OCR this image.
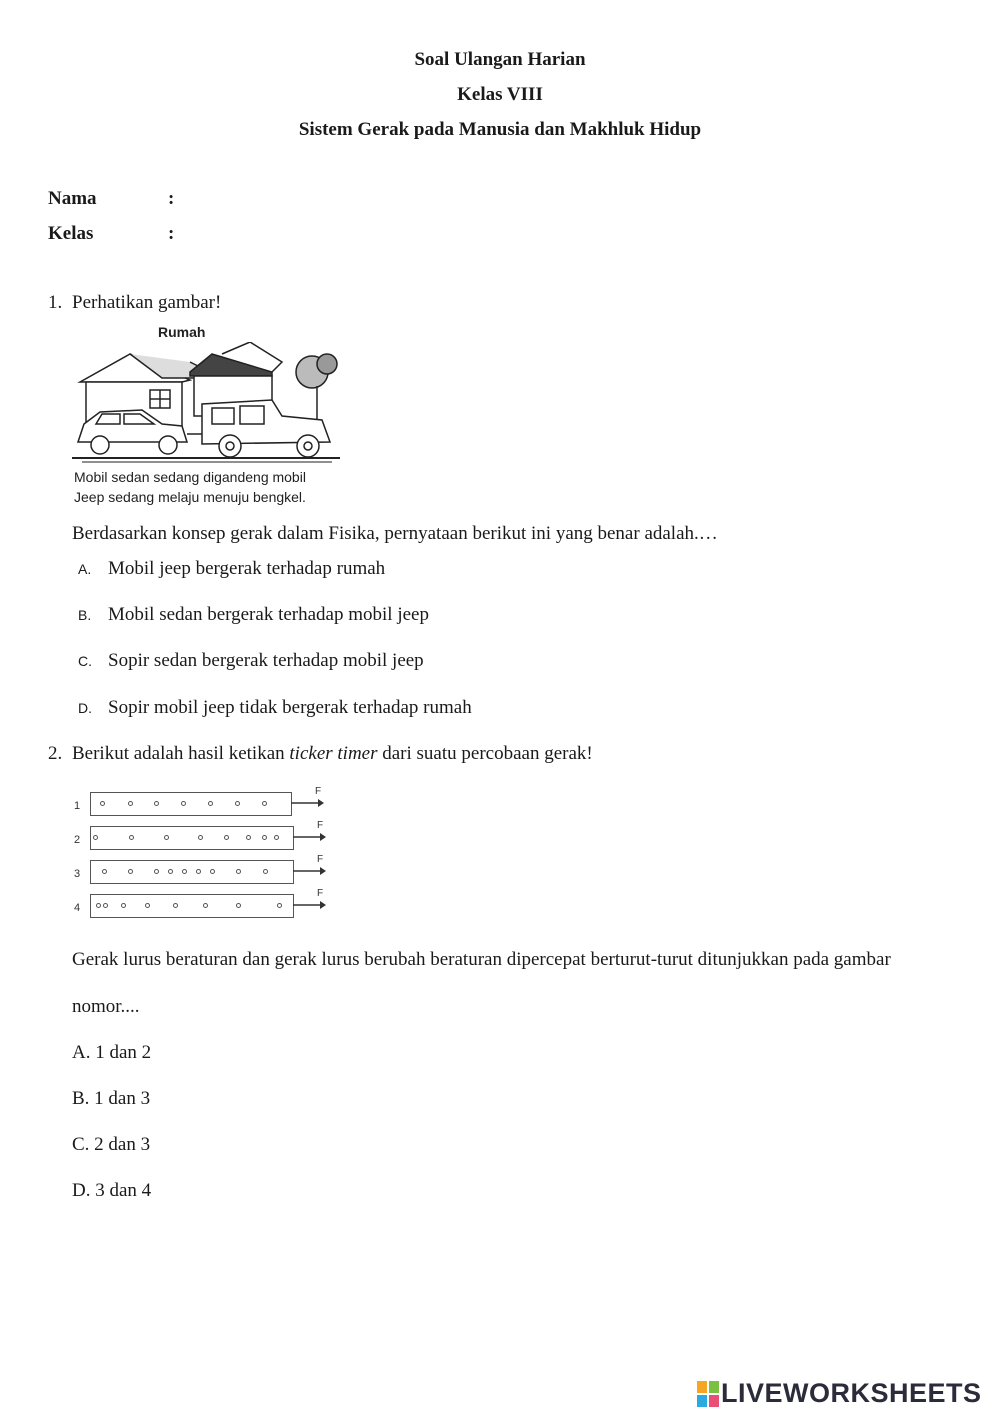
Soal Ulangan Harian
Kelas VIII
Sistem Gerak pada Manusia dan Makhluk Hidup
Nama	:
Kelas	:
1. Perhatikan gambar!
Rumah
Mobil sedan sedang digandeng mobil
Jeep sedang melaju menuju bengkel.
Berdasarkan konsep gerak dalam Fisika, pernyataan berikut ini yang benar adalah.…
A. Mobil jeep bergerak terhadap rumah
B. Mobil sedan bergerak terhadap mobil jeep
C. Sopir sedan bergerak terhadap mobil jeep
D. Sopir mobil jeep tidak bergerak terhadap rumah
2. Berikut adalah hasil ketikan ticker timer dari suatu percobaan gerak!
1
F
2
F
3
F
4
F
Gerak lurus beraturan dan gerak lurus berubah beraturan dipercepat berturut-turut ditunjukkan pada gambar
nomor....
A. 1 dan 2
B. 1 dan 3
C. 2 dan 3
D. 3 dan 4
LIVEWORKSHEETS
